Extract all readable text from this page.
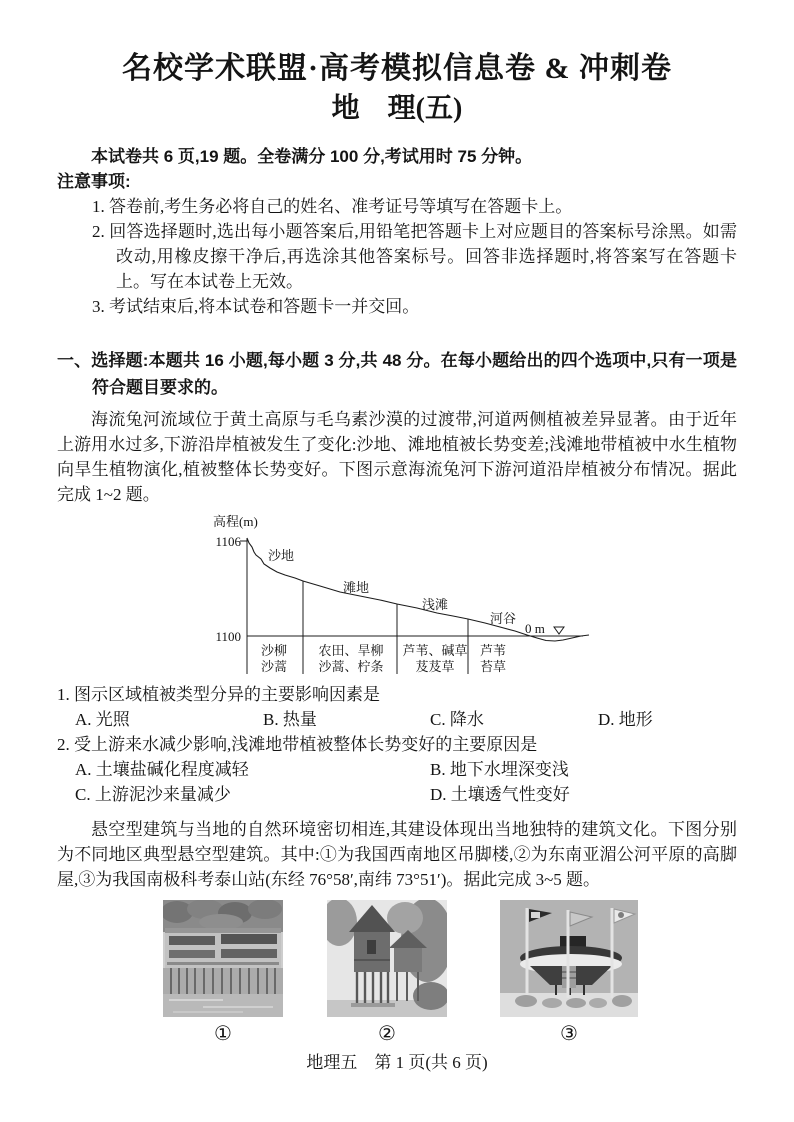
名校学术联盟·高考模拟信息卷 & 冲刺卷
地　理(五)

本试卷共 6 页,19 题。全卷满分 100 分,考试用时 75 分钟。

注意事项:
1. 答卷前,考生务必将自己的姓名、准考证号等填写在答题卡上。
2. 回答选择题时,选出每小题答案后,用铅笔把答题卡上对应题目的答案标号涂黑。如需改动,用橡皮擦干净后,再选涂其他答案标号。回答非选择题时,将答案写在答题卡上。写在本试卷上无效。
3. 考试结束后,将本试卷和答题卡一并交回。
一、选择题:本题共 16 小题,每小题 3 分,共 48 分。在每小题给出的四个选项中,只有一项是符合题目要求的。

海流兔河流域位于黄土高原与毛乌素沙漠的过渡带,河道两侧植被差异显著。由于近年上游用水过多,下游沿岸植被发生了变化:沙地、滩地植被长势变差;浅滩地带植被中水生植物向旱生植物演化,植被整体长势变好。下图示意海流兔河下游河道沿岸植被分布情况。据此完成 1~2 题。

高程(m)
1106
1100
0 m
沙地
滩地
浅滩
河谷
沙柳 农田、旱柳 芦苇、碱草 芦苇
沙蒿 沙蒿、柠条 芨芨草 苔草
1. 图示区域植被类型分异的主要影响因素是
A. 光照	B. 热量	C. 降水	D. 地形
2. 受上游来水减少影响,浅滩地带植被整体长势变好的主要原因是
A. 土壤盐碱化程度减轻	B. 地下水埋深变浅
C. 上游泥沙来量减少	D. 土壤透气性变好

悬空型建筑与当地的自然环境密切相连,其建设体现出当地独特的建筑文化。下图分别为不同地区典型悬空型建筑。其中:①为我国西南地区吊脚楼,②为东南亚湄公河平原的高脚屋,③为我国南极科考泰山站(东经 76°58′,南纬 73°51′)。据此完成 3~5 题。

①	②	③
地理五　第 1 页(共 6 页)
